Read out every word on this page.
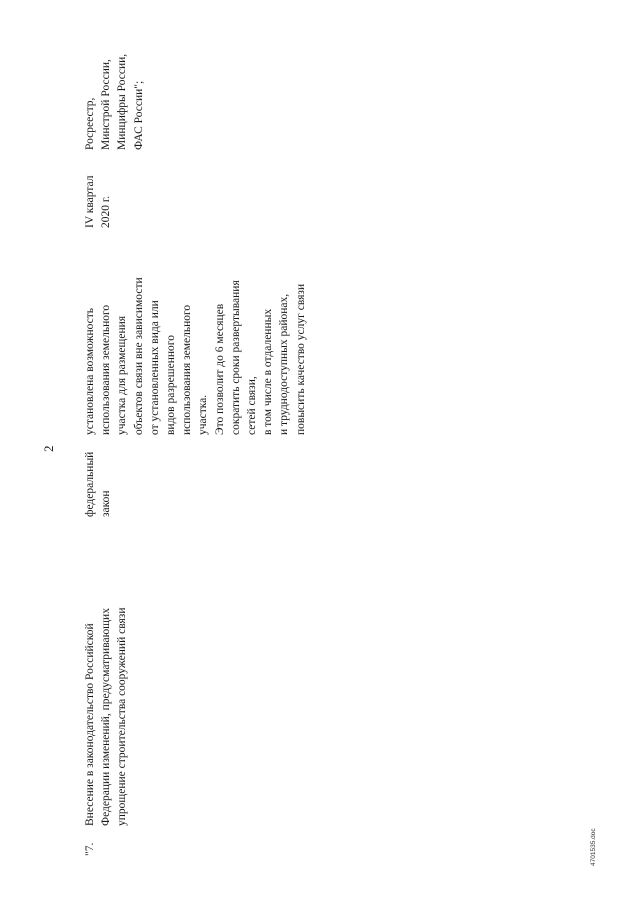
2
"7.
Внесение в законодательство Российской Федерации изменений, предусматривающих упрощение строительства сооружений связи
федеральный закон
установлена возможность использования земельного участка для размещения объектов связи вне зависимости от установленных вида или видов разрешенного использования земельного участка. Это позволит до 6 месяцев сократить сроки развертывания сетей связи, в том числе в отдаленных и труднодоступных районах, повысить качество услуг связи
IV квартал 2020 г.
Росреестр, Минстрой России, Минцифры России, ФАС России";
4701535.doc
